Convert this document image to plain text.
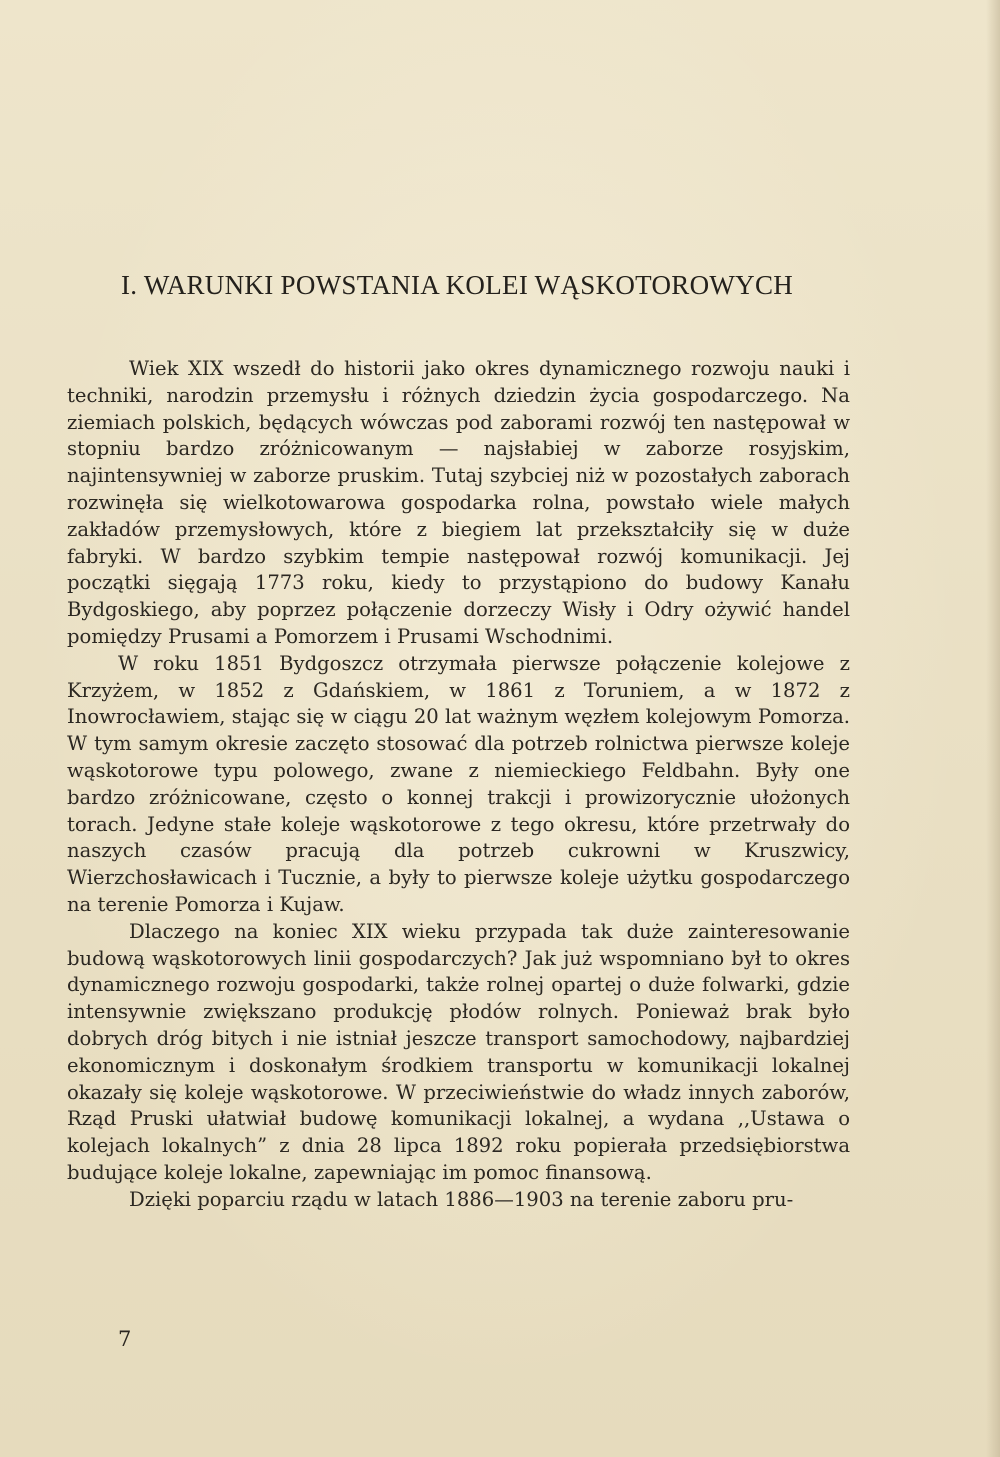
I. WARUNKI POWSTANIA KOLEI WĄSKOTOROWYCH

Wiek XIX wszedł do historii jako okres dynamicznego rozwoju nauki i techniki, narodzin przemysłu i różnych dziedzin życia gospodarczego. Na ziemiach polskich, będących wówczas pod zaborami rozwój ten następował w stopniu bardzo zróżnicowanym — najsłabiej w zaborze rosyjskim, najintensywniej w zaborze pruskim. Tutaj szybciej niż w pozostałych zaborach rozwinęła się wielkotowarowa gospodarka rolna, powstało wiele małych zakładów przemysłowych, które z biegiem lat przekształciły się w duże fabryki. W bardzo szybkim tempie następował rozwój komunikacji. Jej początki sięgają 1773 roku, kiedy to przystąpiono do budowy Kanału Bydgoskiego, aby poprzez połączenie dorzeczy Wisły i Odry ożywić handel pomiędzy Prusami a Pomorzem i Prusami Wschodnimi.

W roku 1851 Bydgoszcz otrzymała pierwsze połączenie kolejowe z Krzyżem, w 1852 z Gdańskiem, w 1861 z Toruniem, a w 1872 z Inowrocławiem, stając się w ciągu 20 lat ważnym węzłem kolejowym Pomorza. W tym samym okresie zaczęto stosować dla potrzeb rolnictwa pierwsze koleje wąskotorowe typu polowego, zwane z niemieckiego Feldbahn. Były one bardzo zróżnicowane, często o konnej trakcji i prowizorycznie ułożonych torach. Jedyne stałe koleje wąskotorowe z tego okresu, które przetrwały do naszych czasów pracują dla potrzeb cukrowni w Kruszwicy, Wierzchosławicach i Tucznie, a były to pierwsze koleje użytku gospodarczego na terenie Pomorza i Kujaw.

Dlaczego na koniec XIX wieku przypada tak duże zainteresowanie budową wąskotorowych linii gospodarczych? Jak już wspomniano był to okres dynamicznego rozwoju gospodarki, także rolnej opartej o duże folwarki, gdzie intensywnie zwiększano produkcję płodów rolnych. Ponieważ brak było dobrych dróg bitych i nie istniał jeszcze transport samochodowy, najbardziej ekonomicznym i doskonałym środkiem transportu w komunikacji lokalnej okazały się koleje wąskotorowe. W przeciwieństwie do władz innych zaborów, Rząd Pruski ułatwiał budowę komunikacji lokalnej, a wydana ,,Ustawa o kolejach lokalnych” z dnia 28 lipca 1892 roku popierała przedsiębiorstwa budujące koleje lokalne, zapewniając im pomoc finansową.

Dzięki poparciu rządu w latach 1886—1903 na terenie zaboru pru-

7
